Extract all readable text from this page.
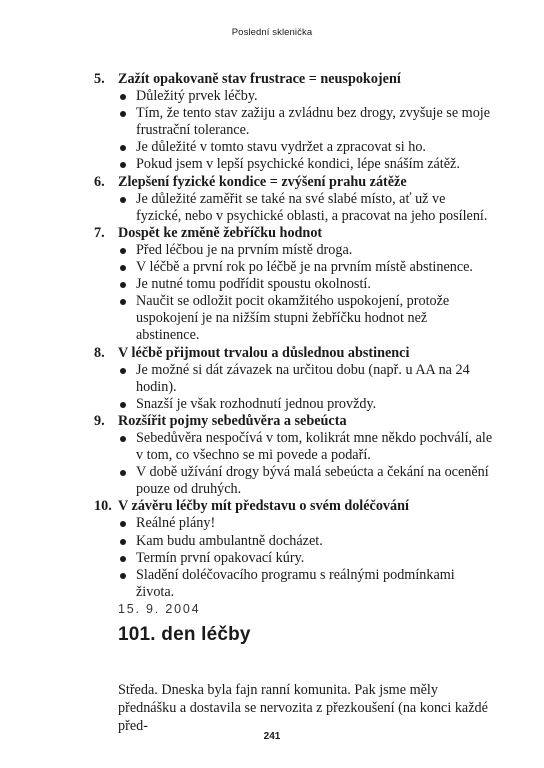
Poslední sklenička
5. Zažít opakovaně stav frustrace = neuspokojení
Důležitý prvek léčby.
Tím, že tento stav zažiju a zvládnu bez drogy, zvyšuje se moje frustrační tolerance.
Je důležité v tomto stavu vydržet a zpracovat si ho.
Pokud jsem v lepší psychické kondici, lépe snáším zátěž.
6. Zlepšení fyzické kondice = zvýšení prahu zátěže
Je důležité zaměřit se také na své slabé místo, ať už ve fyzické, nebo v psychické oblasti, a pracovat na jeho posílení.
7. Dospět ke změně žebříčku hodnot
Před léčbou je na prvním místě droga.
V léčbě a první rok po léčbě je na prvním místě abstinence.
Je nutné tomu podřídit spoustu okolností.
Naučit se odložit pocit okamžitého uspokojení, protože uspokojení je na nižším stupni žebříčku hodnot než abstinence.
8. V léčbě přijmout trvalou a důslednou abstinenci
Je možné si dát závazek na určitou dobu (např. u AA na 24 hodin).
Snazší je však rozhodnutí jednou provždy.
9. Rozšířit pojmy sebedůvěra a sebeúcta
Sebedůvěra nespočívá v tom, kolikrát mne někdo pochválí, ale v tom, co všechno se mi povede a podaří.
V době užívání drogy bývá malá sebeúcta a čekání na ocenění pouze od druhých.
10. V závěru léčby mít představu o svém doléčování
Reálné plány!
Kam budu ambulantně docházet.
Termín první opakovací kúry.
Sladění doléčovacího programu s reálnými podmínkami života.
15. 9. 2004
101. den léčby

Středa. Dneska byla fajn ranní komunita. Pak jsme měly přednášku a dostavila se nervozita z přezkoušení (na konci každé před-

241
